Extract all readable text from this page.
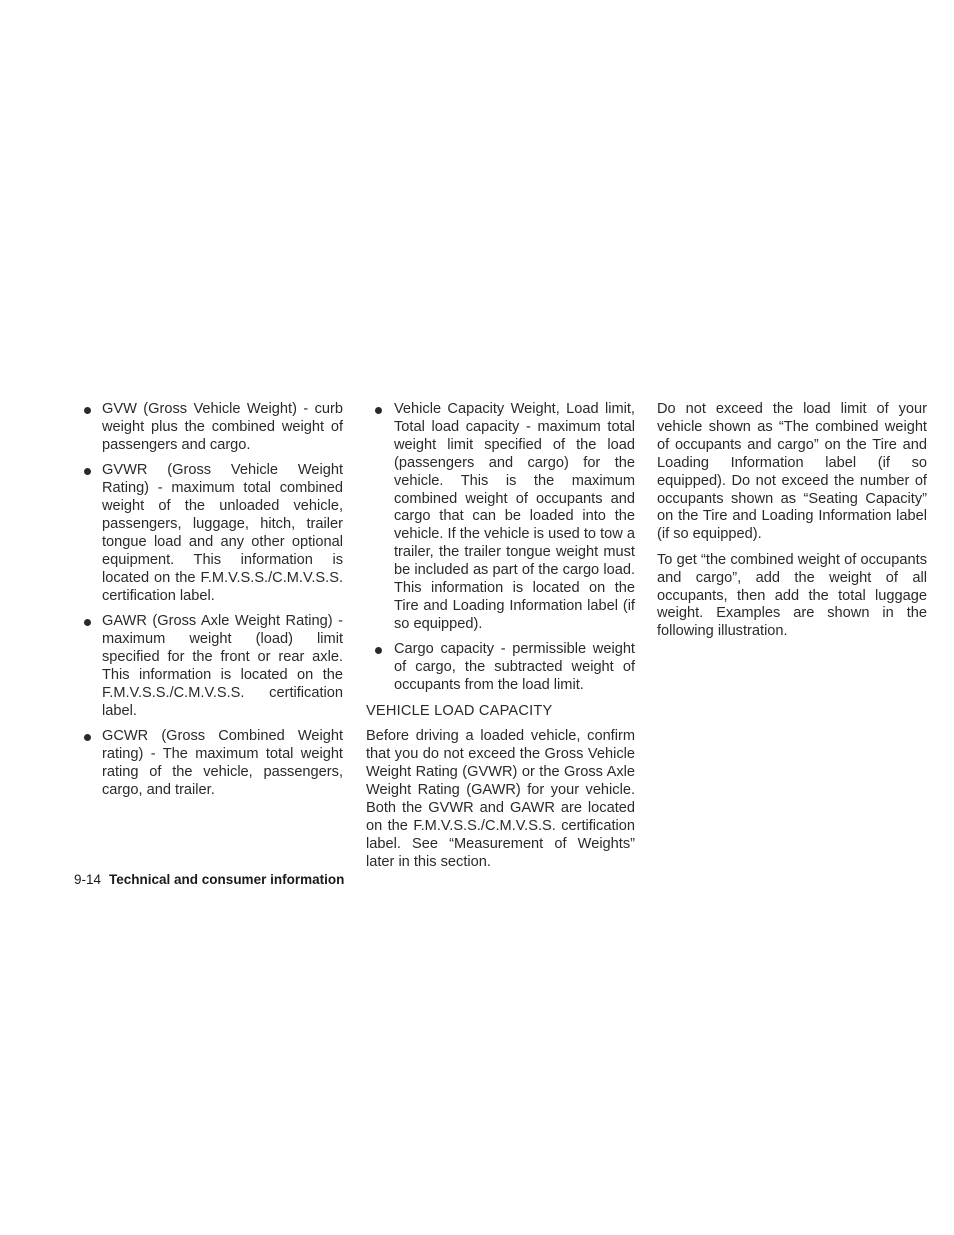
GVW (Gross Vehicle Weight) - curb weight plus the combined weight of passengers and cargo.
GVWR (Gross Vehicle Weight Rating) - maximum total combined weight of the unloaded vehicle, passengers, luggage, hitch, trailer tongue load and any other optional equipment. This information is located on the F.M.V.S.S./C.M.V.S.S. certification label.
GAWR (Gross Axle Weight Rating) - maximum weight (load) limit specified for the front or rear axle. This information is located on the F.M.V.S.S./C.M.V.S.S. certification label.
GCWR (Gross Combined Weight rating) - The maximum total weight rating of the vehicle, passengers, cargo, and trailer.
Vehicle Capacity Weight, Load limit, Total load capacity - maximum total weight limit specified of the load (passengers and cargo) for the vehicle. This is the maximum combined weight of occupants and cargo that can be loaded into the vehicle. If the vehicle is used to tow a trailer, the trailer tongue weight must be included as part of the cargo load. This information is located on the Tire and Loading Information label (if so equipped).
Cargo capacity - permissible weight of cargo, the subtracted weight of occupants from the load limit.
VEHICLE LOAD CAPACITY

Before driving a loaded vehicle, confirm that you do not exceed the Gross Vehicle Weight Rating (GVWR) or the Gross Axle Weight Rating (GAWR) for your vehicle. Both the GVWR and GAWR are located on the F.M.V.S.S./C.M.V.S.S. certification label. See “Measurement of Weights” later in this section.

Do not exceed the load limit of your vehicle shown as “The combined weight of occupants and cargo” on the Tire and Loading Information label (if so equipped). Do not exceed the number of occupants shown as “Seating Capacity” on the Tire and Loading Information label (if so equipped).

To get “the combined weight of occupants and cargo”, add the weight of all occupants, then add the total luggage weight. Examples are shown in the following illustration.

9-14 Technical and consumer information
